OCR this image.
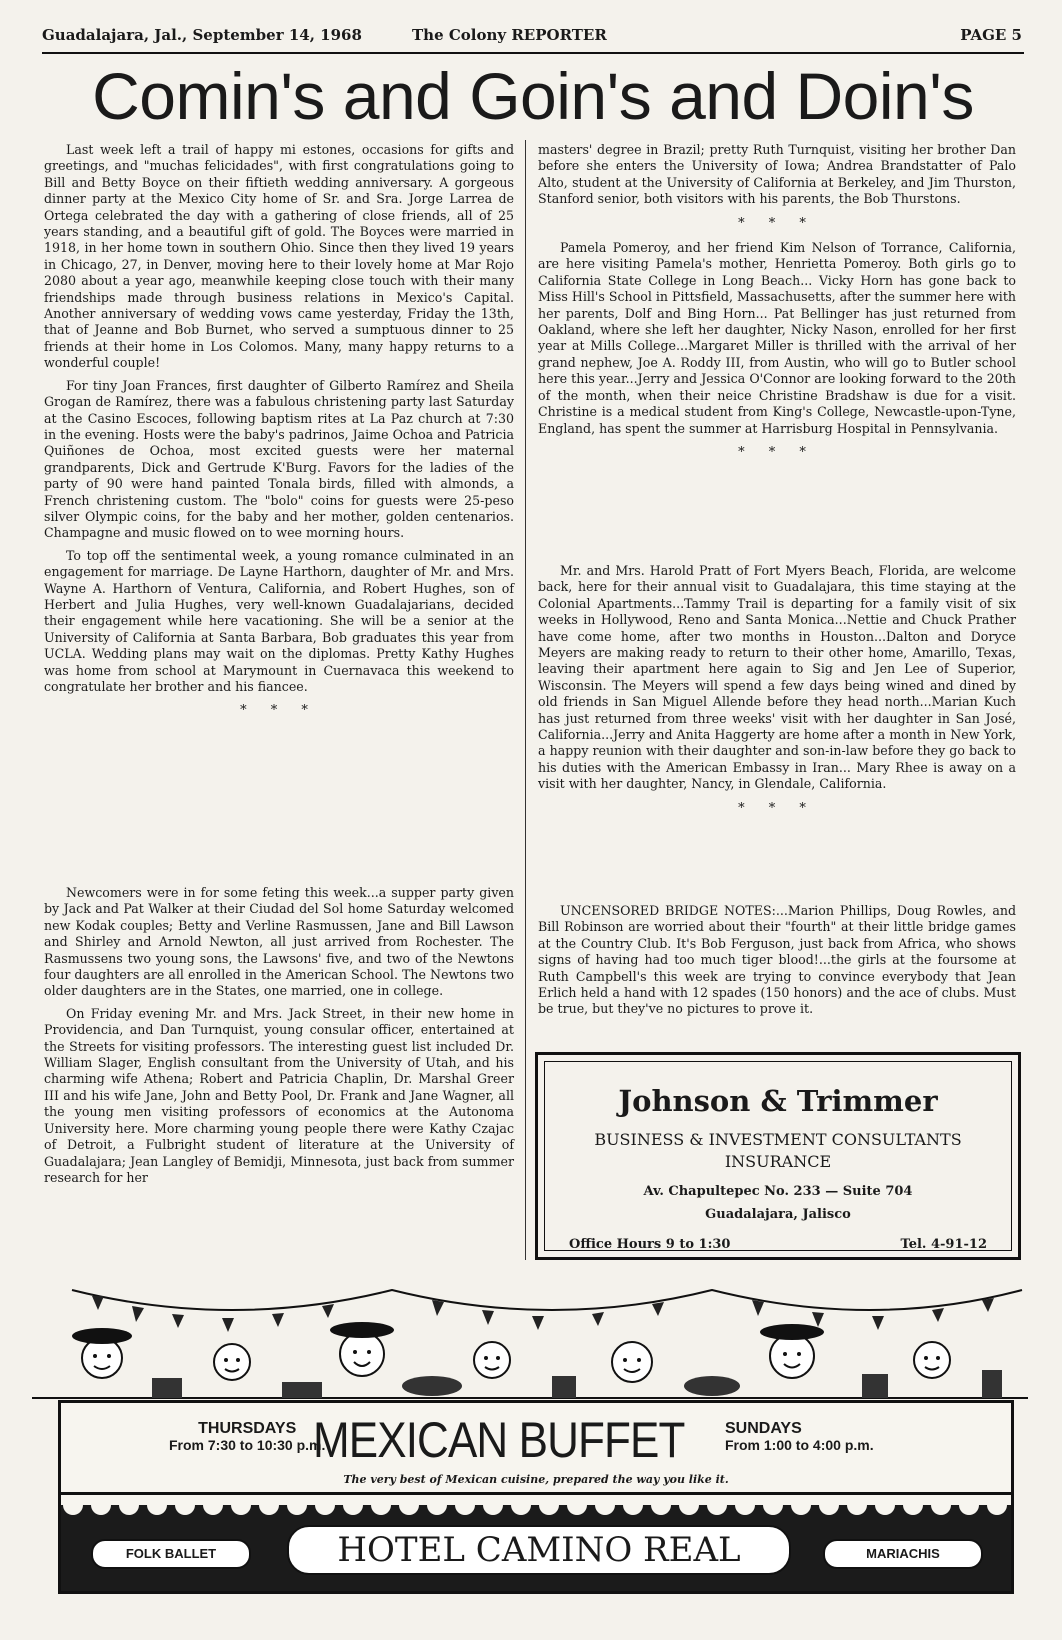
Guadalajara, Jal., September 14, 1968	The Colony REPORTER	PAGE 5
Comin's and Goin's and Doin's

Last week left a trail of happy mi estones, occasions for gifts and greetings, and "muchas felicidades", with first congratulations going to Bill and Betty Boyce on their fiftieth wedding anniversary. A gorgeous dinner party at the Mexico City home of Sr. and Sra. Jorge Larrea de Ortega celebrated the day with a gathering of close friends, all of 25 years standing, and a beautiful gift of gold. The Boyces were married in 1918, in her home town in southern Ohio. Since then they lived 19 years in Chicago, 27, in Denver, moving here to their lovely home at Mar Rojo 2080 about a year ago, meanwhile keeping close touch with their many friendships made through business relations in Mexico's Capital. Another anniversary of wedding vows came yesterday, Friday the 13th, that of Jeanne and Bob Burnet, who served a sumptuous dinner to 25 friends at their home in Los Colomos. Many, many happy returns to a wonderful couple!

For tiny Joan Frances, first daughter of Gilberto Ramírez and Sheila Grogan de Ramírez, there was a fabulous christening party last Saturday at the Casino Escoces, following baptism rites at La Paz church at 7:30 in the evening. Hosts were the baby's padrinos, Jaime Ochoa and Patricia Quiñones de Ochoa, most excited guests were her maternal grandparents, Dick and Gertrude K'Burg. Favors for the ladies of the party of 90 were hand painted Tonala birds, filled with almonds, a French christening custom. The "bolo" coins for guests were 25-peso silver Olympic coins, for the baby and her mother, golden centenarios. Champagne and music flowed on to wee morning hours.

To top off the sentimental week, a young romance culminated in an engagement for marriage. De Layne Harthorn, daughter of Mr. and Mrs. Wayne A. Harthorn of Ventura, California, and Robert Hughes, son of Herbert and Julia Hughes, very well-known Guadalajarians, decided their engagement while here vacationing. She will be a senior at the University of California at Santa Barbara, Bob graduates this year from UCLA. Wedding plans may wait on the diplomas. Pretty Kathy Hughes was home from school at Marymount in Cuernavaca this weekend to congratulate her brother and his fiancee.

* * *

Newcomers were in for some feting this week...a supper party given by Jack and Pat Walker at their Ciudad del Sol home Saturday welcomed new Kodak couples; Betty and Verline Rasmussen, Jane and Bill Lawson and Shirley and Arnold Newton, all just arrived from Rochester. The Rasmussens two young sons, the Lawsons' five, and two of the Newtons four daughters are all enrolled in the American School. The Newtons two older daughters are in the States, one married, one in college.

On Friday evening Mr. and Mrs. Jack Street, in their new home in Providencia, and Dan Turnquist, young consular officer, entertained at the Streets for visiting professors. The interesting guest list included Dr. William Slager, English consultant from the University of Utah, and his charming wife Athena; Robert and Patricia Chaplin, Dr. Marshal Greer III and his wife Jane, John and Betty Pool, Dr. Frank and Jane Wagner, all the young men visiting professors of economics at the Autonoma University here. More charming young people there were Kathy Czajac of Detroit, a Fulbright student of literature at the University of Guadalajara; Jean Langley of Bemidji, Minnesota, just back from summer research for her

masters' degree in Brazil; pretty Ruth Turnquist, visiting her brother Dan before she enters the University of Iowa; Andrea Brandstatter of Palo Alto, student at the University of California at Berkeley, and Jim Thurston, Stanford senior, both visitors with his parents, the Bob Thurstons.

* * *

Pamela Pomeroy, and her friend Kim Nelson of Torrance, California, are here visiting Pamela's mother, Henrietta Pomeroy. Both girls go to California State College in Long Beach... Vicky Horn has gone back to Miss Hill's School in Pittsfield, Massachusetts, after the summer here with her parents, Dolf and Bing Horn... Pat Bellinger has just returned from Oakland, where she left her daughter, Nicky Nason, enrolled for her first year at Mills College...Margaret Miller is thrilled with the arrival of her grand nephew, Joe A. Roddy III, from Austin, who will go to Butler school here this year...Jerry and Jessica O'Connor are looking forward to the 20th of the month, when their neice Christine Bradshaw is due for a visit. Christine is a medical student from King's College, Newcastle-upon-Tyne, England, has spent the summer at Harrisburg Hospital in Pennsylvania.

* * *

Mr. and Mrs. Harold Pratt of Fort Myers Beach, Florida, are welcome back, here for their annual visit to Guadalajara, this time staying at the Colonial Apartments...Tammy Trail is departing for a family visit of six weeks in Hollywood, Reno and Santa Monica...Nettie and Chuck Prather have come home, after two months in Houston...Dalton and Doryce Meyers are making ready to return to their other home, Amarillo, Texas, leaving their apartment here again to Sig and Jen Lee of Superior, Wisconsin. The Meyers will spend a few days being wined and dined by old friends in San Miguel Allende before they head north...Marian Kuch has just returned from three weeks' visit with her daughter in San José, California...Jerry and Anita Haggerty are home after a month in New York, a happy reunion with their daughter and son-in-law before they go back to his duties with the American Embassy in Iran... Mary Rhee is away on a visit with her daughter, Nancy, in Glendale, California.

* * *

UNCENSORED BRIDGE NOTES:...Marion Phillips, Doug Rowles, and Bill Robinson are worried about their "fourth" at their little bridge games at the Country Club. It's Bob Ferguson, just back from Africa, who shows signs of having had too much tiger blood!...the girls at the foursome at Ruth Campbell's this week are trying to convince everybody that Jean Erlich held a hand with 12 spades (150 honors) and the ace of clubs. Must be true, but they've no pictures to prove it.

Johnson & Trimmer
BUSINESS & INVESTMENT CONSULTANTS
INSURANCE
Av. Chapultepec No. 233 — Suite 704
Guadalajara, Jalisco
Office Hours 9 to 1:30	Tel. 4-91-12
THURSDAYS
From 7:30 to 10:30 p.m.
MEXICAN BUFFET	SUNDAYS
From 1:00 to 4:00 p.m.
The very best of Mexican cuisine, prepared the way you like it.
FOLK BALLET	HOTEL CAMINO REAL	MARIACHIS
